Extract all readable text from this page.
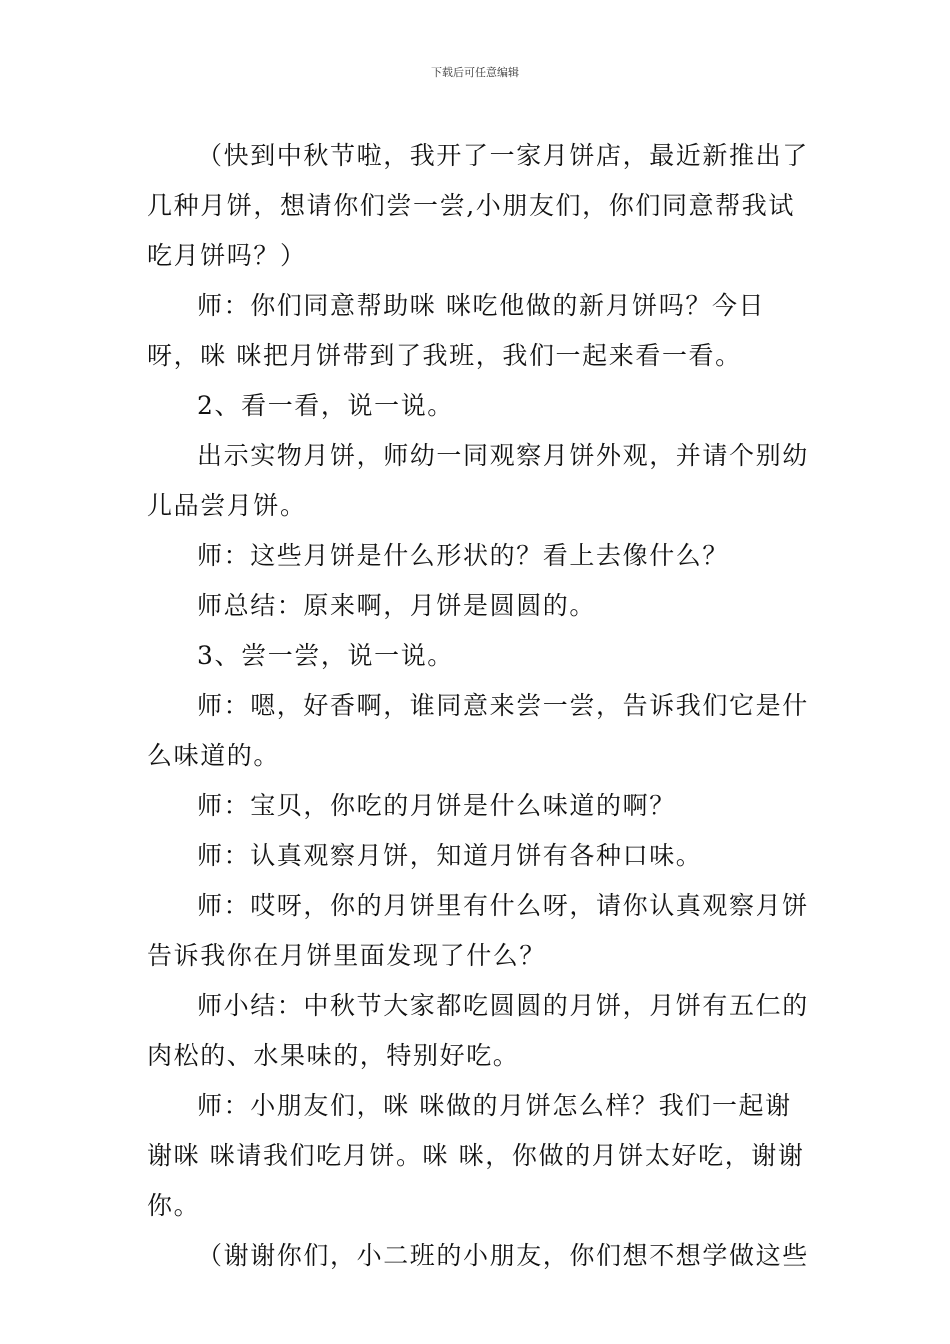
下载后可任意编辑

（快到中秋节啦，我开了一家月饼店，最近新推出了几种月饼，想请你们尝一尝,小朋友们，你们同意帮我试吃月饼吗？）

师：你们同意帮助咪 咪吃他做的新月饼吗？今日呀，咪 咪把月饼带到了我班，我们一起来看一看。

2、看一看，说一说。

出示实物月饼，师幼一同观察月饼外观，并请个别幼儿品尝月饼。

师：这些月饼是什么形状的？看上去像什么？

师总结：原来啊，月饼是圆圆的。

3、尝一尝，说一说。

师：嗯，好香啊，谁同意来尝一尝，告诉我们它是什么味道的。

师：宝贝，你吃的月饼是什么味道的啊？

师：认真观察月饼，知道月饼有各种口味。

师：哎呀，你的月饼里有什么呀，请你认真观察月饼告诉我你在月饼里面发现了什么？

师小结：中秋节大家都吃圆圆的月饼，月饼有五仁的肉松的、水果味的，特别好吃。

师：小朋友们，咪 咪做的月饼怎么样？我们一起谢谢咪 咪请我们吃月饼。咪 咪，你做的月饼太好吃，谢谢你。

（谢谢你们，小二班的小朋友，你们想不想学做这些
